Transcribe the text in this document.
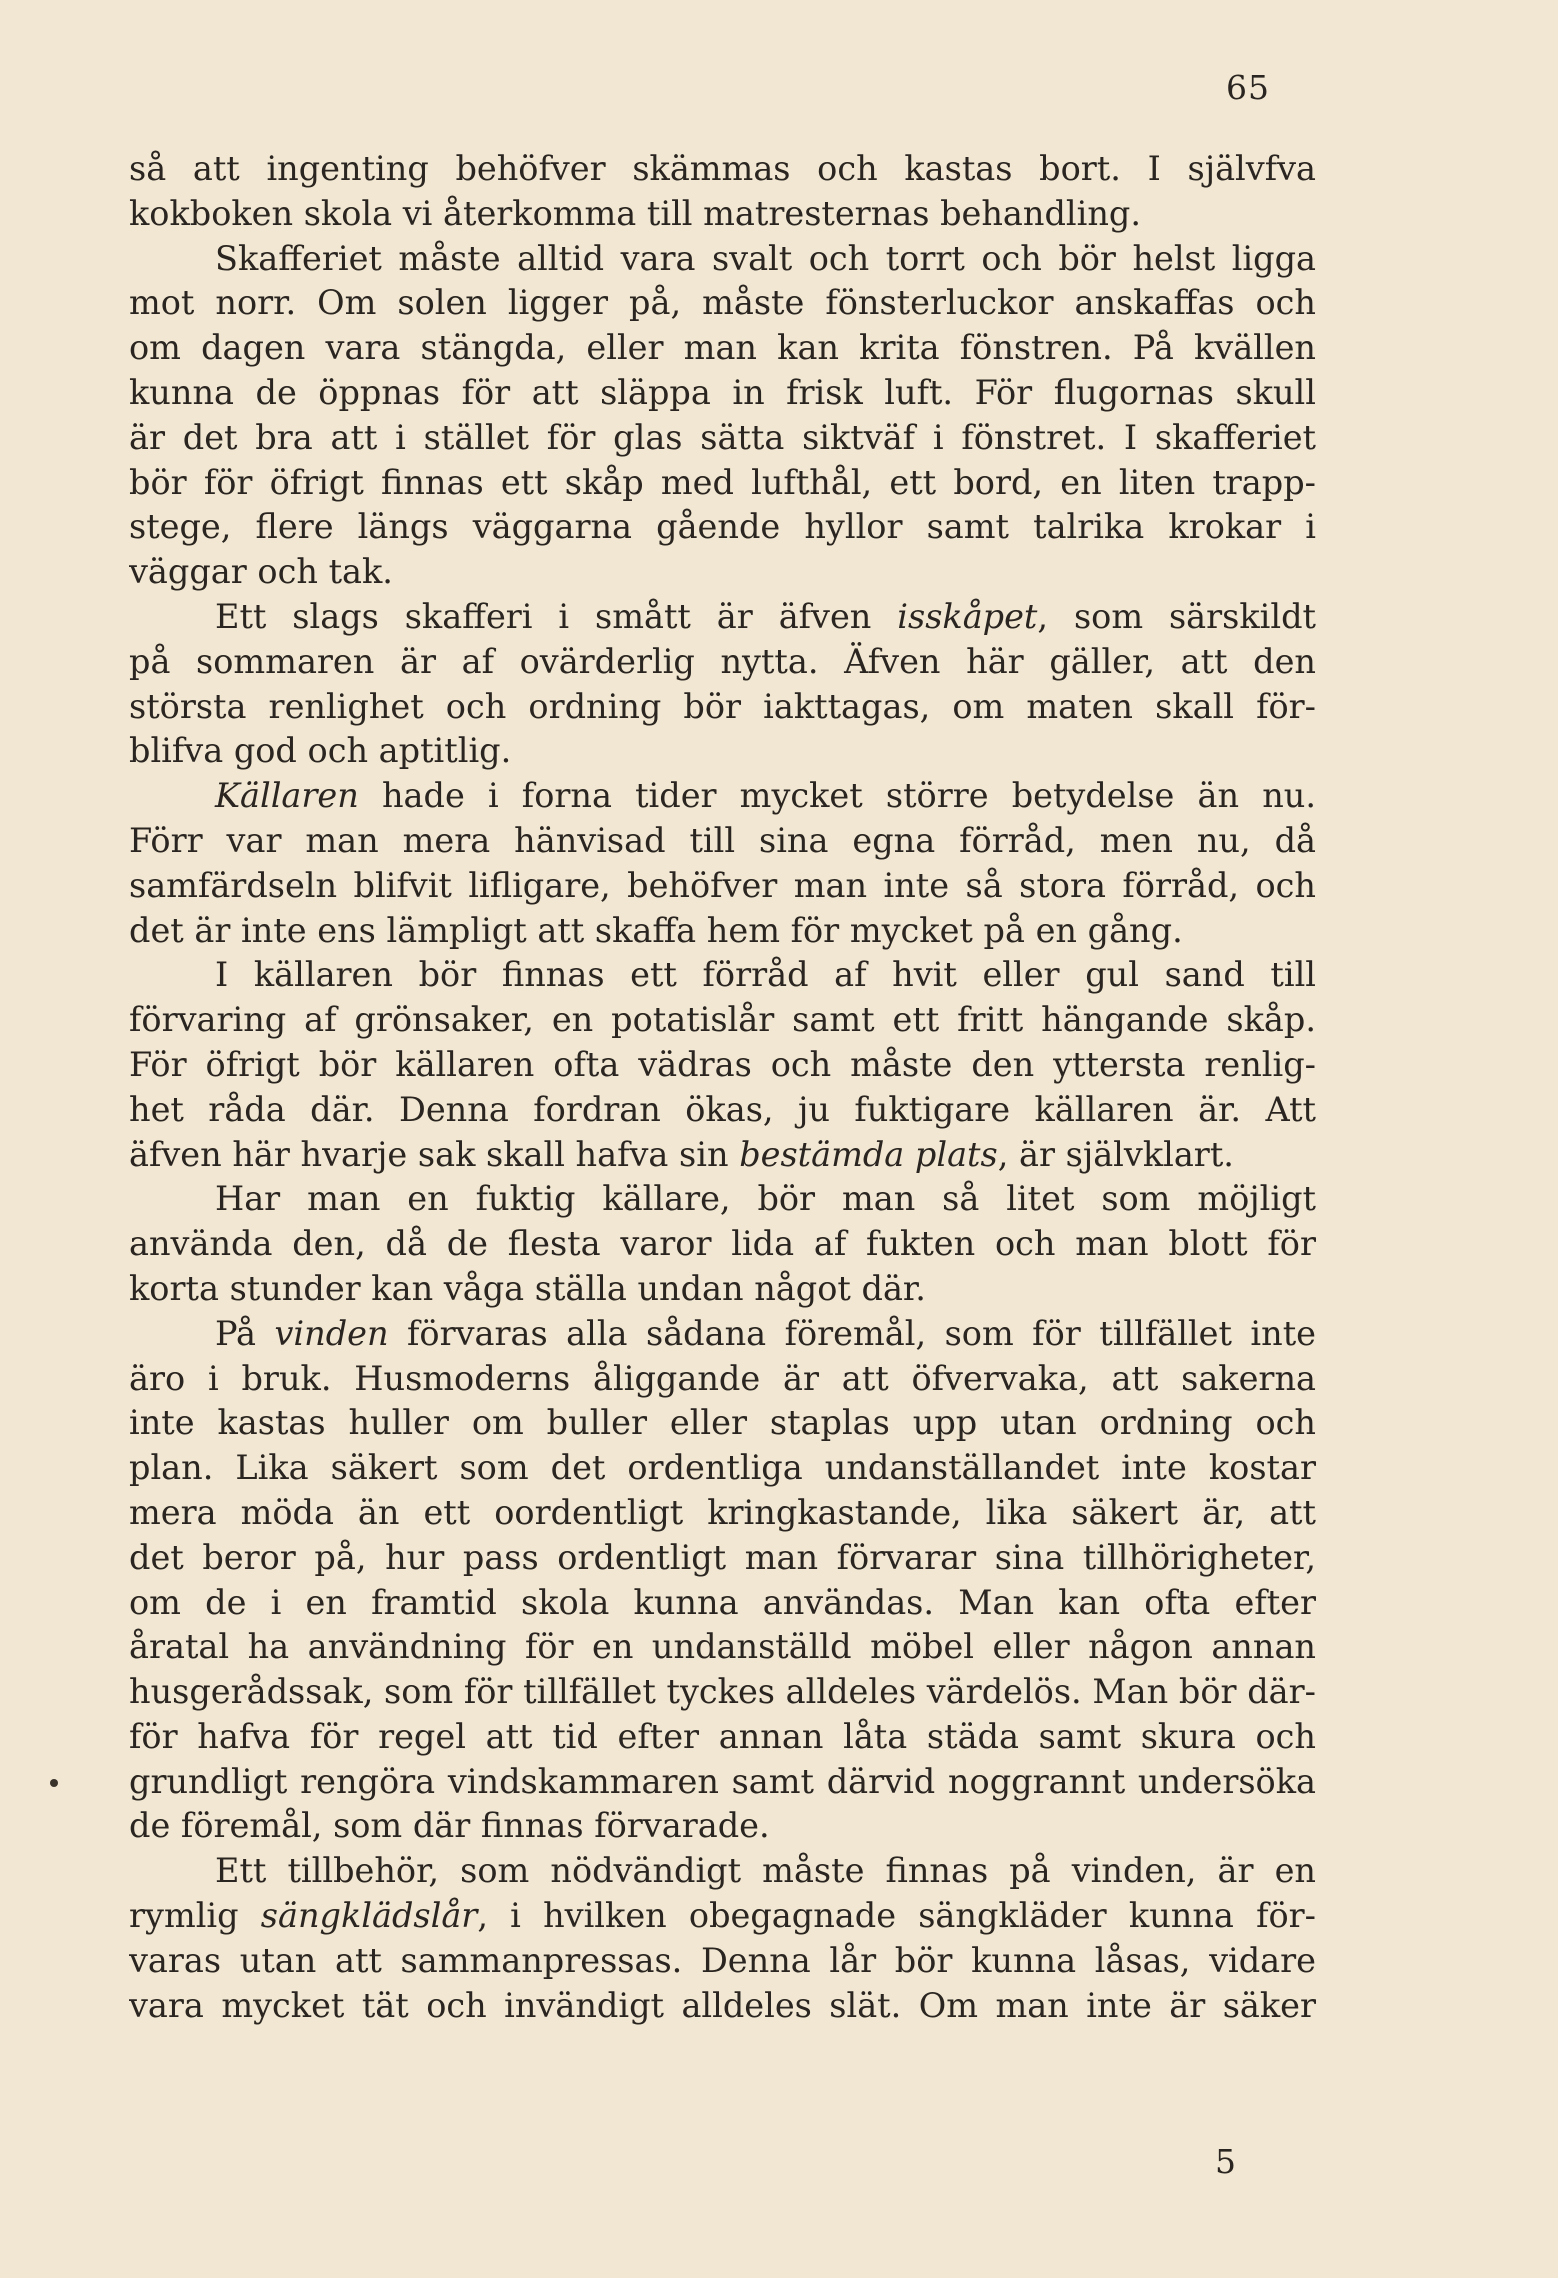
65
så att ingenting behöfver skämmas och kastas bort. I självfva
kokboken skola vi återkomma till matresternas behandling.
Skafferiet måste alltid vara svalt och torrt och bör helst ligga
mot norr. Om solen ligger på, måste fönsterluckor anskaffas och
om dagen vara stängda, eller man kan krita fönstren. På kvällen
kunna de öppnas för att släppa in frisk luft. För flugornas skull
är det bra att i stället för glas sätta siktväf i fönstret. I skafferiet
bör för öfrigt finnas ett skåp med lufthål, ett bord, en liten trapp-
stege, flere längs väggarna gående hyllor samt talrika krokar i
väggar och tak.
Ett slags skafferi i smått är äfven isskåpet, som särskildt
på sommaren är af ovärderlig nytta. Äfven här gäller, att den
största renlighet och ordning bör iakttagas, om maten skall för-
blifva god och aptitlig.
Källaren hade i forna tider mycket större betydelse än nu.
Förr var man mera hänvisad till sina egna förråd, men nu, då
samfärdseln blifvit lifligare, behöfver man inte så stora förråd, och
det är inte ens lämpligt att skaffa hem för mycket på en gång.
I källaren bör finnas ett förråd af hvit eller gul sand till
förvaring af grönsaker, en potatislår samt ett fritt hängande skåp.
För öfrigt bör källaren ofta vädras och måste den yttersta renlig-
het råda där. Denna fordran ökas, ju fuktigare källaren är. Att
äfven här hvarje sak skall hafva sin bestämda plats, är självklart.
Har man en fuktig källare, bör man så litet som möjligt
använda den, då de flesta varor lida af fukten och man blott för
korta stunder kan våga ställa undan något där.
På vinden förvaras alla sådana föremål, som för tillfället inte
äro i bruk. Husmoderns åliggande är att öfvervaka, att sakerna
inte kastas huller om buller eller staplas upp utan ordning och
plan. Lika säkert som det ordentliga undanställandet inte kostar
mera möda än ett oordentligt kringkastande, lika säkert är, att
det beror på, hur pass ordentligt man förvarar sina tillhörigheter,
om de i en framtid skola kunna användas. Man kan ofta efter
åratal ha användning för en undanställd möbel eller någon annan
husgerådssak, som för tillfället tyckes alldeles värdelös. Man bör där-
för hafva för regel att tid efter annan låta städa samt skura och
grundligt rengöra vindskammaren samt därvid noggrannt undersöka
de föremål, som där finnas förvarade.
Ett tillbehör, som nödvändigt måste finnas på vinden, är en
rymlig sängklädslår, i hvilken obegagnade sängkläder kunna för-
varas utan att sammanpressas. Denna lår bör kunna låsas, vidare
vara mycket tät och invändigt alldeles slät. Om man inte är säker
5
